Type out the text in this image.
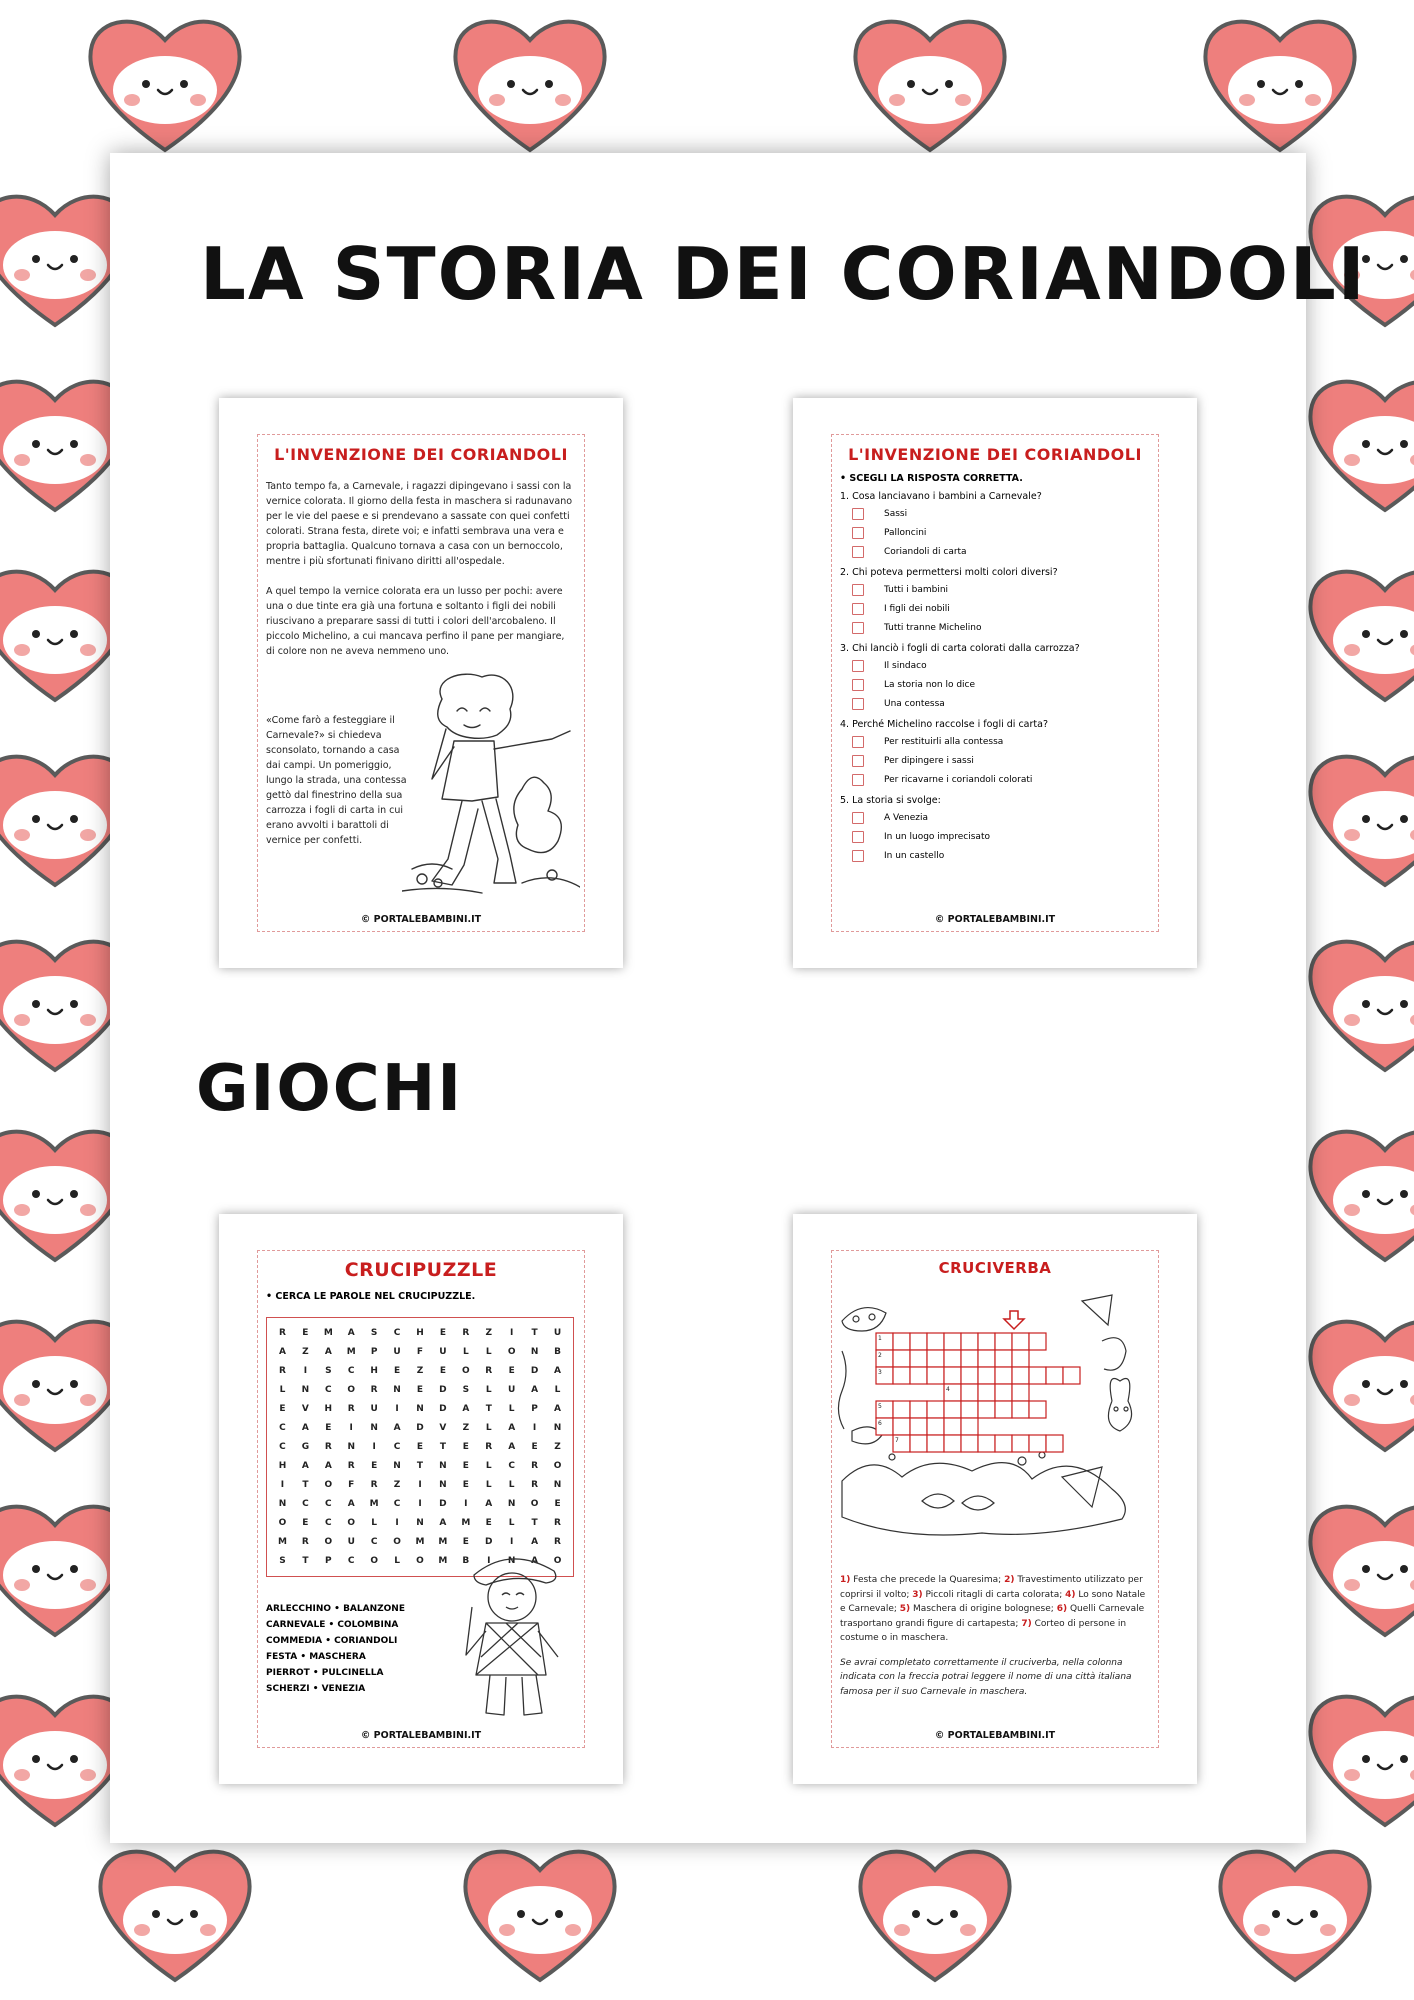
LA STORIA DEI CORIANDOLI
L'INVENZIONE DEI CORIANDOLI

Tanto tempo fa, a Carnevale, i ragazzi dipingevano i sassi con la vernice colorata. Il giorno della festa in maschera si radunavano per le vie del paese e si prendevano a sassate con quei confetti colorati. Strana festa, direte voi; e infatti sembrava una vera e propria battaglia. Qualcuno tornava a casa con un bernoccolo, mentre i più sfortunati finivano diritti all'ospedale.

A quel tempo la vernice colorata era un lusso per pochi: avere una o due tinte era già una fortuna e soltanto i figli dei nobili riuscivano a preparare sassi di tutti i colori dell'arcobaleno. Il piccolo Michelino, a cui mancava perfino il pane per mangiare, di colore non ne aveva nemmeno uno.

«Come farò a festeggiare il Carnevale?» si chiedeva sconsolato, tornando a casa dai campi. Un pomeriggio, lungo la strada, una contessa gettò dal finestrino della sua carrozza i fogli di carta in cui erano avvolti i barattoli di vernice per confetti.
© PORTALEBAMBINI.IT
L'INVENZIONE DEI CORIANDOLI
• SCEGLI LA RISPOSTA CORRETTA.
1. Cosa lanciavano i bambini a Carnevale?
Sassi
Palloncini
Coriandoli di carta
2. Chi poteva permettersi molti colori diversi?
Tutti i bambini
I figli dei nobili
Tutti tranne Michelino
3. Chi lanciò i fogli di carta colorati dalla carrozza?
Il sindaco
La storia non lo dice
Una contessa
4. Perché Michelino raccolse i fogli di carta?
Per restituirli alla contessa
Per dipingere i sassi
Per ricavarne i coriandoli colorati
5. La storia si svolge:
A Venezia
In un luogo imprecisato
In un castello
© PORTALEBAMBINI.IT
GIOCHI
CRUCIPUZZLE
• CERCA LE PAROLE NEL CRUCIPUZZLE.
R	E	M	A	S	C	H	E	R	Z	I	T	U
A	Z	A	M	P	U	F	U	L	L	O	N	B
R	I	S	C	H	E	Z	E	O	R	E	D	A
L	N	C	O	R	N	E	D	S	L	U	A	L
E	V	H	R	U	I	N	D	A	T	L	P	A
C	A	E	I	N	A	D	V	Z	L	A	I	N
C	G	R	N	I	C	E	T	E	R	A	E	Z
H	A	A	R	E	N	T	N	E	L	C	R	O
I	T	O	F	R	Z	I	N	E	L	L	R	N
N	C	C	A	M	C	I	D	I	A	N	O	E
O	E	C	O	L	I	N	A	M	E	L	T	R
M	R	O	U	C	O	M	M	E	D	I	A	R
S	T	P	C	O	L	O	M	B	I	N	A	O
ARLECCHINO • BALANZONE
CARNEVALE • COLOMBINA
COMMEDIA • CORIANDOLI
FESTA • MASCHERA
PIERROT • PULCINELLA
SCHERZI • VENEZIA
© PORTALEBAMBINI.IT
CRUCIVERBA
1
2
3
4
5
6
7
1) Festa che precede la Quaresima; 2) Travestimento utilizzato per coprirsi il volto; 3) Piccoli ritagli di carta colorata; 4) Lo sono Natale e Carnevale; 5) Maschera di origine bolognese; 6) Quelli Carnevale trasportano grandi figure di cartapesta; 7) Corteo di persone in costume o in maschera.
Se avrai completato correttamente il cruciverba, nella colonna indicata con la freccia potrai leggere il nome di una città italiana famosa per il suo Carnevale in maschera.
© PORTALEBAMBINI.IT
